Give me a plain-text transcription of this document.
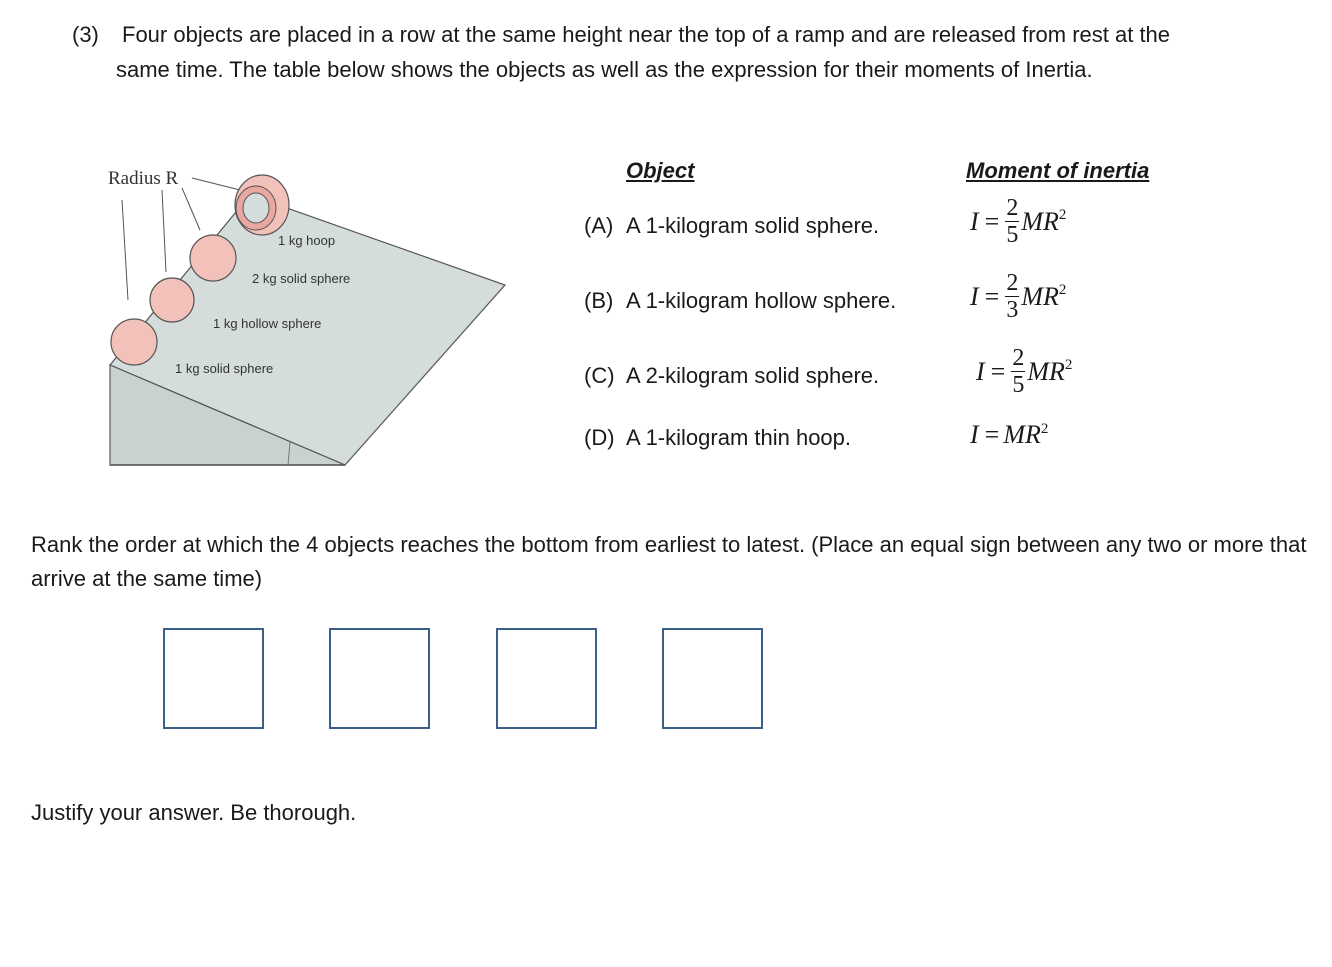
(3) Four objects are placed in a row at the same height near the top of a ramp and are released from rest at the
same time. The table below shows the objects as well as the expression for their moments of Inertia.
Radius R
1 kg hoop
2 kg solid sphere
1 kg hollow sphere
1 kg solid sphere
Object	Moment of inertia
(A) A 1-kilogram solid sphere.	$I = \frac{2}{5}$ MR 2
(B) A 1-kilogram hollow sphere.	$I = \frac{2}{3}$ MR 2
(C) A 2-kilogram solid sphere.	$I = \frac{2}{5}$ MR 2
(D) A 1-kilogram thin hoop.	I = MR 2
Rank the order at which the 4 objects reaches the bottom from earliest to latest. (Place an equal sign between any two or more that arrive at the same time)
Justify your answer. Be thorough.
